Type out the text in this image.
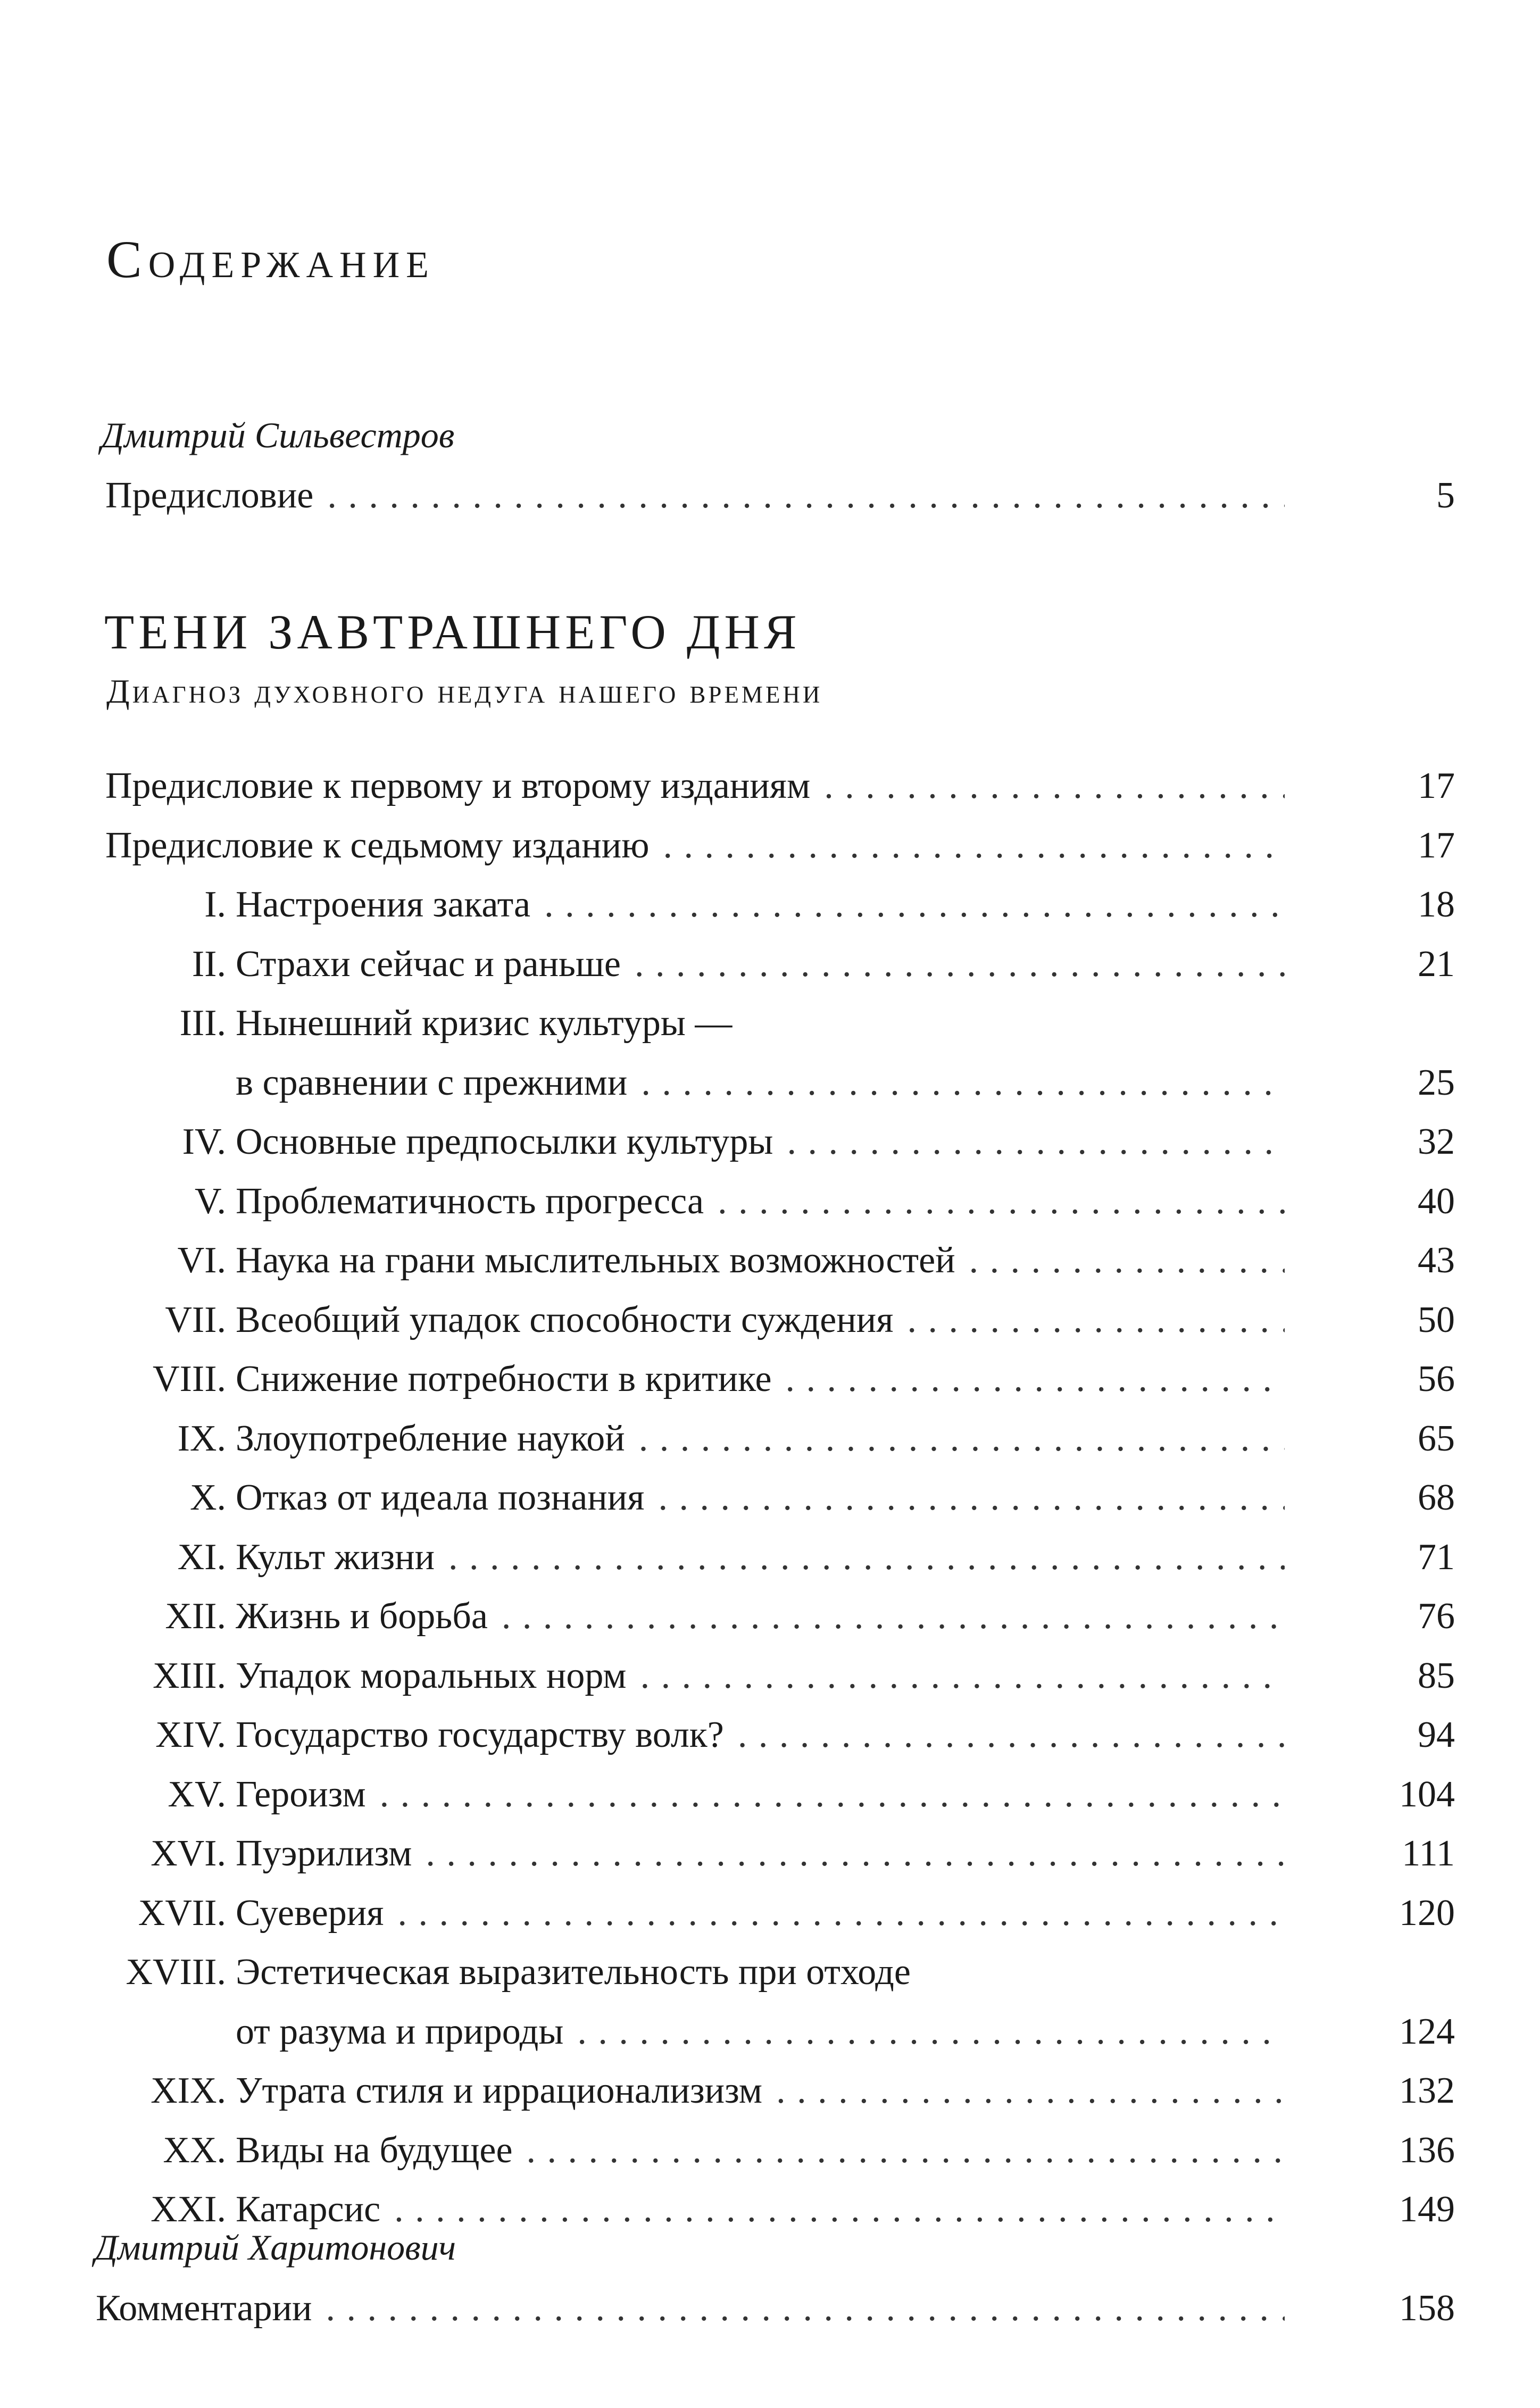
Содержание
Дмитрий Сильвестров
Предисловие . . .	5
ТЕНИ ЗАВТРАШНЕГО ДНЯ
Диагноз духовного недуга нашего времени
Предисловие к первому и второму изданиям . . .	17
Предисловие к седьмому изданию . . .	17
I. Настроения заката . . .	18
II. Страхи сейчас и раньше . . .	21
III. Нынешний кризис культуры —
в сравнении с прежними . . .	25
IV. Основные предпосылки культуры . . .	32
V. Проблематичность прогресса . . .	40
VI. Наука на грани мыслительных возможностей . . .	43
VII. Всеобщий упадок способности суждения . . .	50
VIII. Снижение потребности в критике . . .	56
IX. Злоупотребление наукой . . .	65
X. Отказ от идеала познания . . .	68
XI. Культ жизни . . .	71
XII. Жизнь и борьба . . .	76
XIII. Упадок моральных норм . . .	85
XIV. Государство государству волк? . . .	94
XV. Героизм . . .	104
XVI. Пуэрилизм . . .	111
XVII. Суеверия . . .	120
XVIII. Эстетическая выразительность при отходе
от разума и природы . . .	124
XIX. Утрата стиля и иррационализизм . . .	132
XX. Виды на будущее . . .	136
XXI. Катарсис . . .	149
Дмитрий Харитонович
Комментарии . . .	158
